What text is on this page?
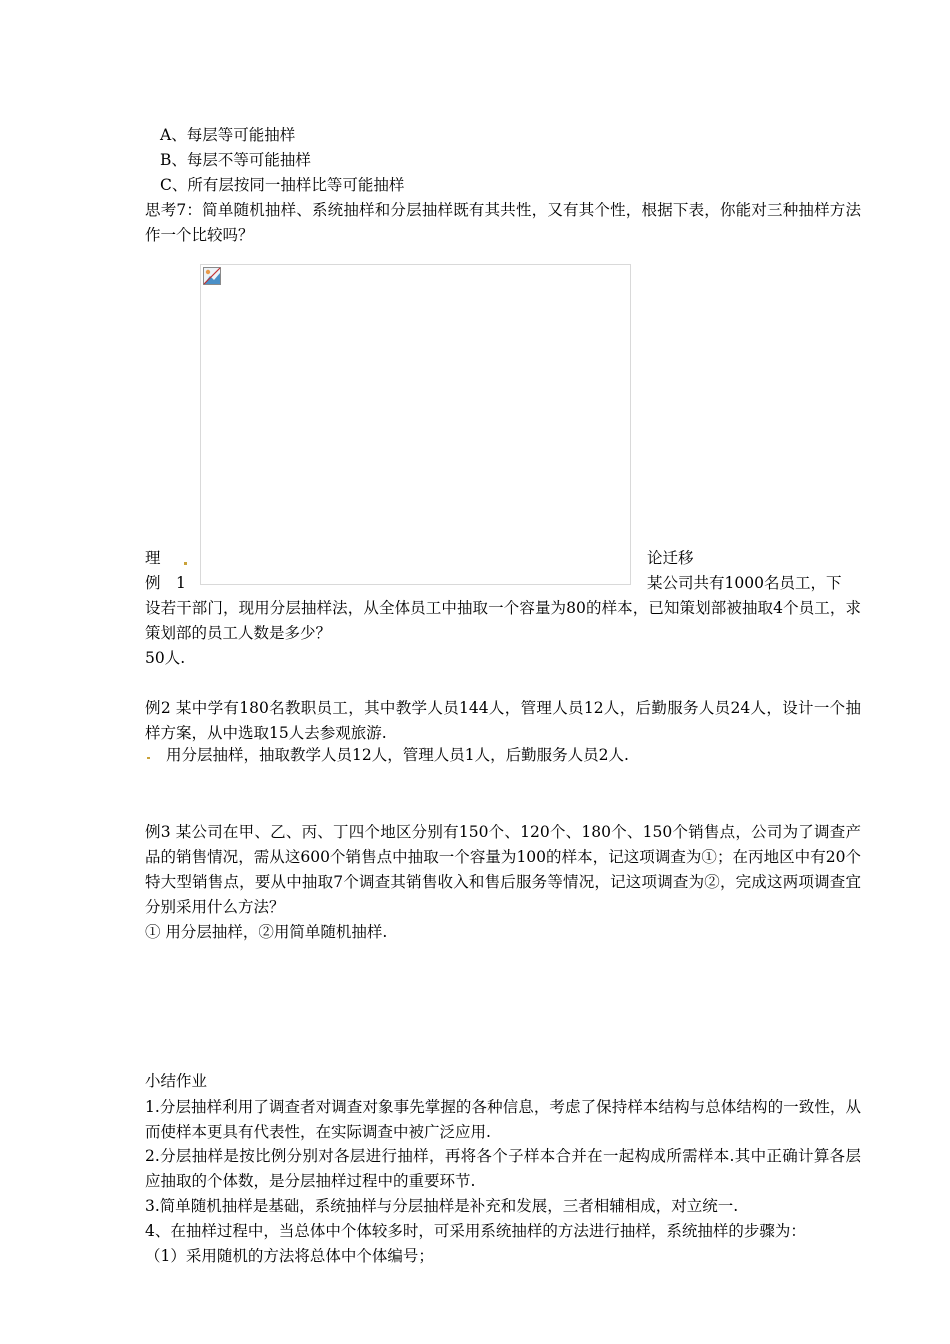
A、每层等可能抽样
B、每层不等可能抽样
C、所有层按同一抽样比等可能抽样
思考7：简单随机抽样、系统抽样和分层抽样既有其共性，又有其个性，根据下表，你能对三种抽样方法作一个比较吗？
理	论迁移
例　1	某公司共有1000名员工，下
设若干部门，现用分层抽样法，从全体员工中抽取一个容量为80的样本，已知策划部被抽取4个员工，求策划部的员工人数是多少？
50人.
例2 某中学有180名教职员工，其中教学人员144人，管理人员12人，后勤服务人员24人，设计一个抽样方案，从中选取15人去参观旅游.
用分层抽样，抽取教学人员12人，管理人员1人，后勤服务人员2人.
例3 某公司在甲、乙、丙、丁四个地区分别有150个、120个、180个、150个销售点，公司为了调查产品的销售情况，需从这600个销售点中抽取一个容量为100的样本，记这项调查为①；在丙地区中有20个特大型销售点，要从中抽取7个调查其销售收入和售后服务等情况，记这项调查为②，完成这两项调查宜分别采用什么方法？
① 用分层抽样，②用简单随机抽样.
小结作业
1.分层抽样利用了调查者对调查对象事先掌握的各种信息，考虑了保持样本结构与总体结构的一致性，从而使样本更具有代表性，在实际调查中被广泛应用.
2.分层抽样是按比例分别对各层进行抽样，再将各个子样本合并在一起构成所需样本.其中正确计算各层应抽取的个体数，是分层抽样过程中的重要环节.
3.简单随机抽样是基础，系统抽样与分层抽样是补充和发展，三者相辅相成，对立统一.
4、在抽样过程中，当总体中个体较多时，可采用系统抽样的方法进行抽样，系统抽样的步骤为：
（1）采用随机的方法将总体中个体编号；
